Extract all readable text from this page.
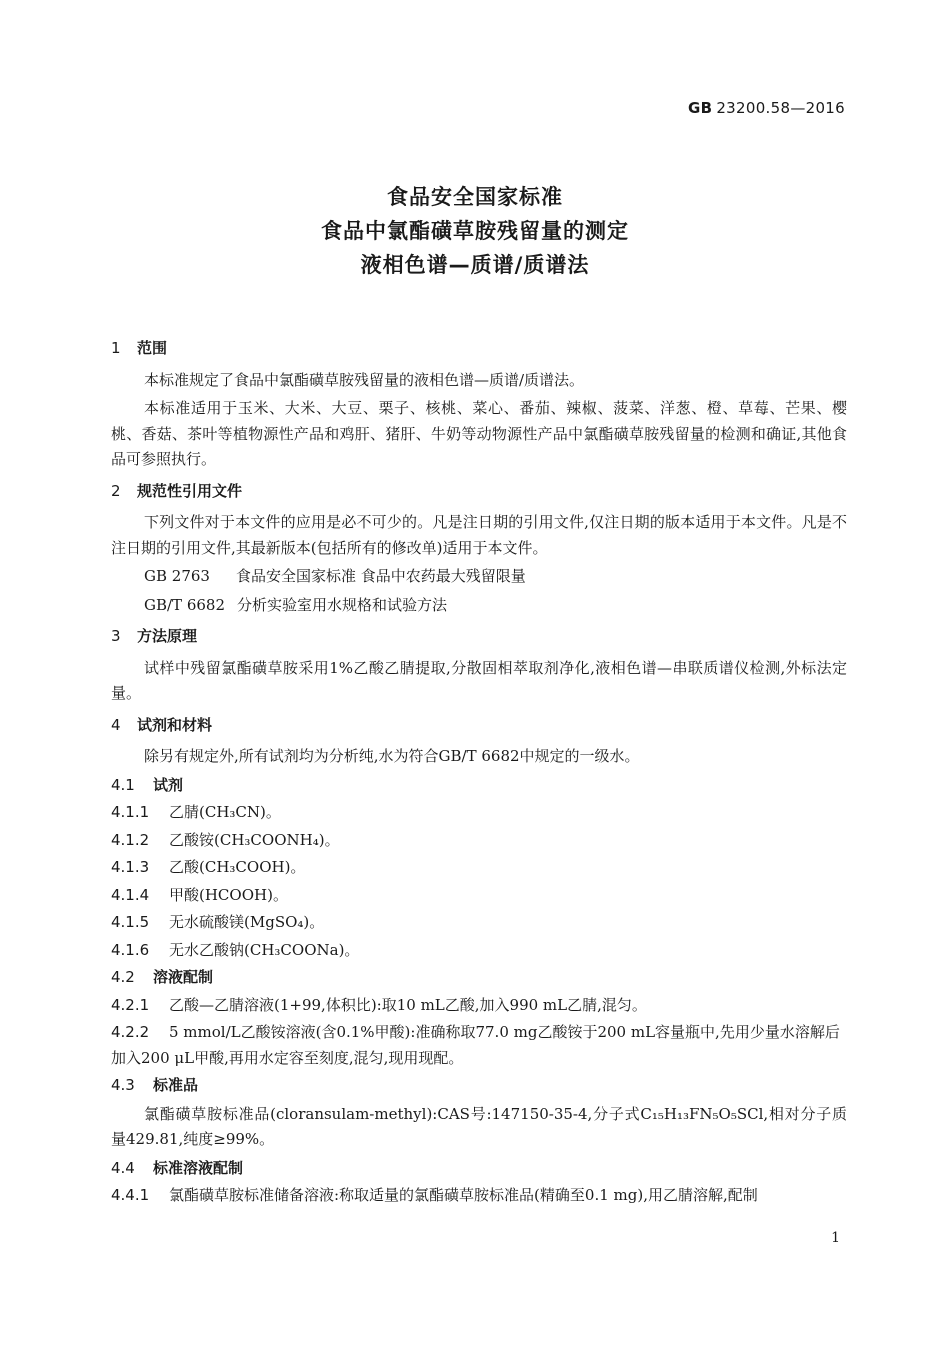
GB 23200.58—2016
食品安全国家标准
食品中氯酯磺草胺残留量的测定
液相色谱—质谱/质谱法
1 范围
本标准规定了食品中氯酯磺草胺残留量的液相色谱—质谱/质谱法。
本标准适用于玉米、大米、大豆、栗子、核桃、菜心、番茄、辣椒、菠菜、洋葱、橙、草莓、芒果、樱桃、香菇、茶叶等植物源性产品和鸡肝、猪肝、牛奶等动物源性产品中氯酯磺草胺残留量的检测和确证,其他食品可参照执行。
2 规范性引用文件
下列文件对于本文件的应用是必不可少的。凡是注日期的引用文件,仅注日期的版本适用于本文件。凡是不注日期的引用文件,其最新版本(包括所有的修改单)适用于本文件。
GB 2763 食品安全国家标准 食品中农药最大残留限量
GB/T 6682 分析实验室用水规格和试验方法
3 方法原理
试样中残留氯酯磺草胺采用1%乙酸乙腈提取,分散固相萃取剂净化,液相色谱—串联质谱仪检测,外标法定量。
4 试剂和材料
除另有规定外,所有试剂均为分析纯,水为符合GB/T 6682中规定的一级水。
4.1 试剂
4.1.1 乙腈(CH₃CN)。
4.1.2 乙酸铵(CH₃COONH₄)。
4.1.3 乙酸(CH₃COOH)。
4.1.4 甲酸(HCOOH)。
4.1.5 无水硫酸镁(MgSO₄)。
4.1.6 无水乙酸钠(CH₃COONa)。
4.2 溶液配制
4.2.1 乙酸—乙腈溶液(1+99,体积比):取10 mL乙酸,加入990 mL乙腈,混匀。
4.2.2 5 mmol/L乙酸铵溶液(含0.1%甲酸):准确称取77.0 mg乙酸铵于200 mL容量瓶中,先用少量水溶解后加入200 μL甲酸,再用水定容至刻度,混匀,现用现配。
4.3 标准品
氯酯磺草胺标准品(cloransulam-methyl):CAS号:147150-35-4,分子式C₁₅H₁₃FN₅O₅SCl,相对分子质量429.81,纯度≥99%。
4.4 标准溶液配制
4.4.1 氯酯磺草胺标准储备溶液:称取适量的氯酯磺草胺标准品(精确至0.1 mg),用乙腈溶解,配制
1
